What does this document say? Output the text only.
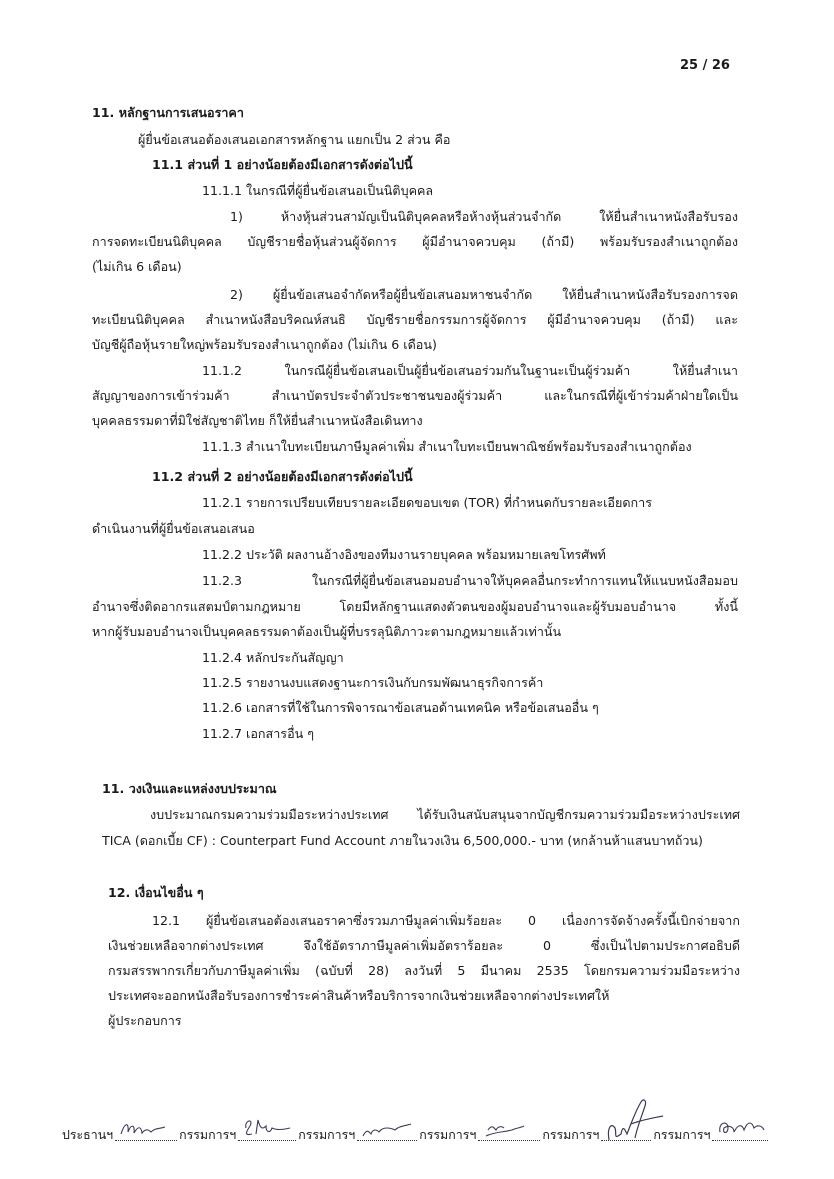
25 / 26
11. หลักฐานการเสนอราคา
ผู้ยื่นข้อเสนอต้องเสนอเอกสารหลักฐาน แยกเป็น 2 ส่วน คือ
11.1 ส่วนที่ 1 อย่างน้อยต้องมีเอกสารดังต่อไปนี้
11.1.1 ในกรณีที่ผู้ยื่นข้อเสนอเป็นนิติบุคคล
1) ห้างหุ้นส่วนสามัญเป็นนิติบุคคลหรือห้างหุ้นส่วนจำกัด ให้ยื่นสำเนาหนังสือรับรอง
การจดทะเบียนนิติบุคคล บัญชีรายชื่อหุ้นส่วนผู้จัดการ ผู้มีอำนาจควบคุม (ถ้ามี) พร้อมรับรองสำเนาถูกต้อง
(ไม่เกิน 6 เดือน)
2) ผู้ยื่นข้อเสนอจำกัดหรือผู้ยื่นข้อเสนอมหาชนจำกัด ให้ยื่นสำเนาหนังสือรับรองการจด
ทะเบียนนิติบุคคล สำเนาหนังสือบริคณห์สนธิ บัญชีรายชื่อกรรมการผู้จัดการ ผู้มีอำนาจควบคุม (ถ้ามี) และ
บัญชีผู้ถือหุ้นรายใหญ่พร้อมรับรองสำเนาถูกต้อง (ไม่เกิน 6 เดือน)
11.1.2 ในกรณีผู้ยื่นข้อเสนอเป็นผู้ยื่นข้อเสนอร่วมกันในฐานะเป็นผู้ร่วมค้า ให้ยื่นสำเนา
สัญญาของการเข้าร่วมค้า สำเนาบัตรประจำตัวประชาชนของผู้ร่วมค้า และในกรณีที่ผู้เข้าร่วมค้าฝ่ายใดเป็น
บุคคลธรรมดาที่มิใช่สัญชาติไทย ก็ให้ยื่นสำเนาหนังสือเดินทาง
11.1.3 สำเนาใบทะเบียนภาษีมูลค่าเพิ่ม สำเนาใบทะเบียนพาณิชย์พร้อมรับรองสำเนาถูกต้อง
11.2 ส่วนที่ 2 อย่างน้อยต้องมีเอกสารดังต่อไปนี้
11.2.1 รายการเปรียบเทียบรายละเอียดขอบเขต (TOR) ที่กำหนดกับรายละเอียดการ
ดำเนินงานที่ผู้ยื่นข้อเสนอเสนอ
11.2.2 ประวัติ ผลงานอ้างอิงของทีมงานรายบุคคล พร้อมหมายเลขโทรศัพท์
11.2.3 ในกรณีที่ผู้ยื่นข้อเสนอมอบอำนาจให้บุคคลอื่นกระทำการแทนให้แนบหนังสือมอบ
อำนาจซึ่งติดอากรแสตมป์ตามกฎหมาย โดยมีหลักฐานแสดงตัวตนของผู้มอบอำนาจและผู้รับมอบอำนาจ ทั้งนี้
หากผู้รับมอบอำนาจเป็นบุคคลธรรมดาต้องเป็นผู้ที่บรรลุนิติภาวะตามกฎหมายแล้วเท่านั้น
11.2.4 หลักประกันสัญญา
11.2.5 รายงานงบแสดงฐานะการเงินกับกรมพัฒนาธุรกิจการค้า
11.2.6 เอกสารที่ใช้ในการพิจารณาข้อเสนอด้านเทคนิค หรือข้อเสนออื่น ๆ
11.2.7 เอกสารอื่น ๆ
11. วงเงินและแหล่งงบประมาณ
งบประมาณกรมความร่วมมือระหว่างประเทศ ได้รับเงินสนับสนุนจากบัญชีกรมความร่วมมือระหว่างประเทศ
TICA (ดอกเบี้ย CF) : Counterpart Fund Account ภายในวงเงิน 6,500,000.- บาท (หกล้านห้าแสนบาทถ้วน)
12. เงื่อนไขอื่น ๆ
12.1 ผู้ยื่นข้อเสนอต้องเสนอราคาซึ่งรวมภาษีมูลค่าเพิ่มร้อยละ 0 เนื่องการจัดจ้างครั้งนี้เบิกจ่ายจาก
เงินช่วยเหลือจากต่างประเทศ จึงใช้อัตราภาษีมูลค่าเพิ่มอัตราร้อยละ 0 ซึ่งเป็นไปตามประกาศอธิบดี
กรมสรรพากรเกี่ยวกับภาษีมูลค่าเพิ่ม (ฉบับที่ 28) ลงวันที่ 5 มีนาคม 2535 โดยกรมความร่วมมือระหว่าง
ประเทศจะออกหนังสือรับรองการชำระค่าสินค้าหรือบริการจากเงินช่วยเหลือจากต่างประเทศให้
ผู้ประกอบการ
ประธานฯ	กรรมการฯ	กรรมการฯ	กรรมการฯ	กรรมการฯ	กรรมการฯ
